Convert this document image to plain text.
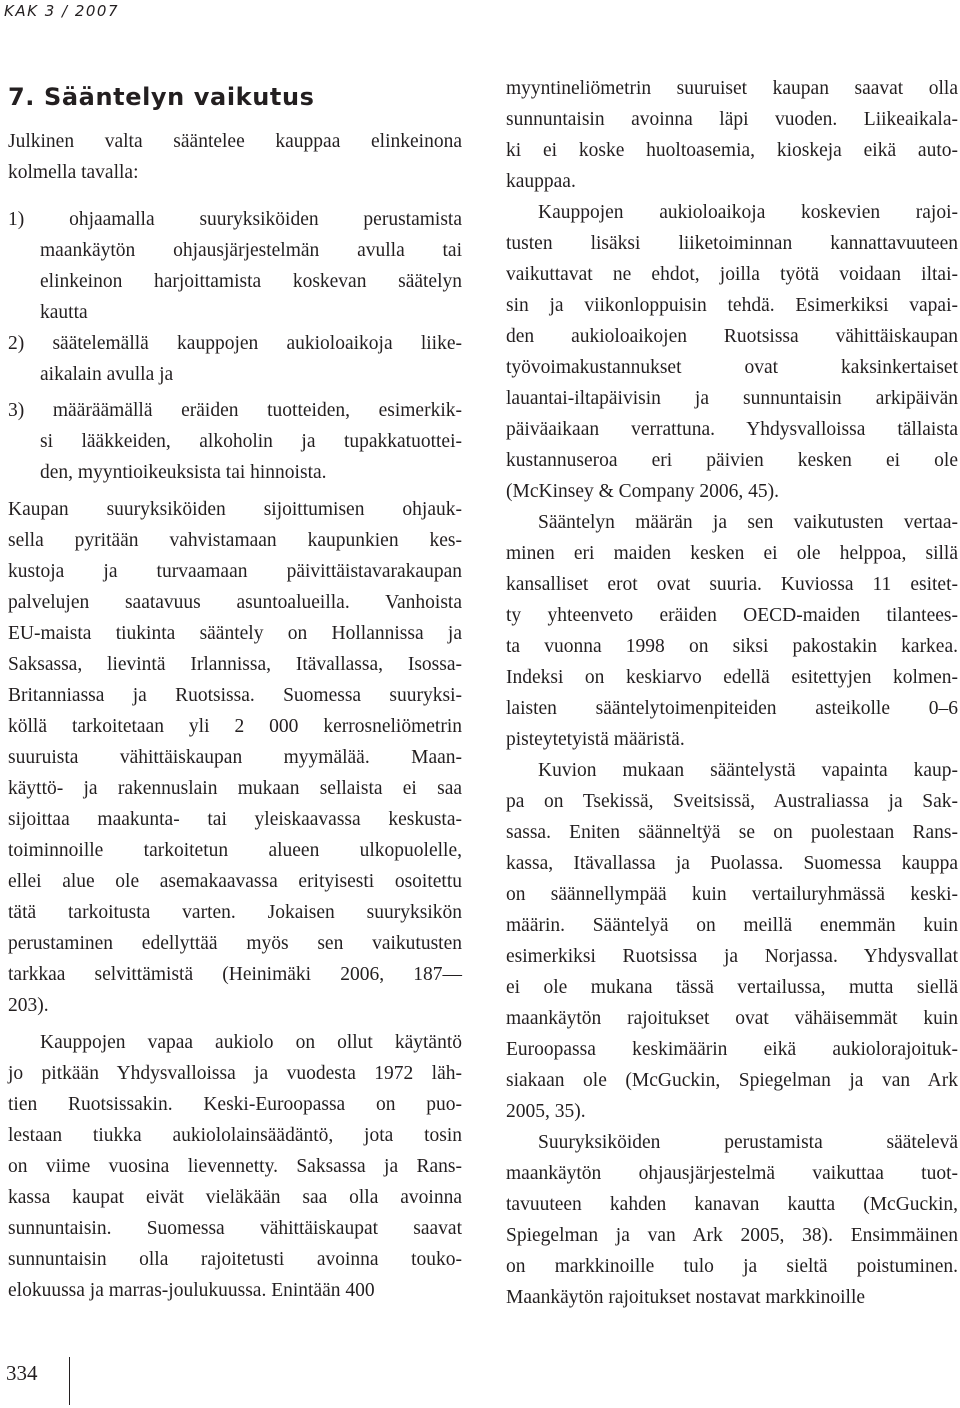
KAK 3 / 2007
7. Sääntelyn vaikutus
Julkinen valta sääntelee kauppaa elinkeinona
kolmella tavalla:
1) ohjaamalla suuryksiköiden perustamista
maankäytön ohjausjärjestelmän avulla tai
elinkeinon harjoittamista koskevan säätelyn
kautta
2) säätelemällä kauppojen aukioloaikoja liike-
aikalain avulla ja
3) määräämällä eräiden tuotteiden, esimerkik-
si lääkkeiden, alkoholin ja tupakkatuottei-
den, myyntioikeuksista tai hinnoista.
Kaupan suuryksiköiden sijoittumisen ohjauk-
sella pyritään vahvistamaan kaupunkien kes-
kustoja ja turvaamaan päivittäistavarakaupan
palvelujen saatavuus asuntoalueilla. Vanhoista
EU-maista tiukinta sääntely on Hollannissa ja
Saksassa, lievintä Irlannissa, Itävallassa, Isossa-
Britanniassa ja Ruotsissa. Suomessa suuryksi-
köllä tarkoitetaan yli 2 000 kerrosneliömetrin
suuruista vähittäiskaupan myymälää. Maan-
käyttö- ja rakennuslain mukaan sellaista ei saa
sijoittaa maakunta- tai yleiskaavassa keskusta-
toiminnoille tarkoitetun alueen ulkopuolelle,
ellei alue ole asemakaavassa erityisesti osoitettu
tätä tarkoitusta varten. Jokaisen suuryksikön
perustaminen edellyttää myös sen vaikutusten
tarkkaa selvittämistä (Heinimäki 2006, 187—
203).
Kauppojen vapaa aukiolo on ollut käytäntö
jo pitkään Yhdysvalloissa ja vuodesta 1972 läh-
tien Ruotsissakin. Keski-Euroopassa on puo-
lestaan tiukka aukiololainsäädäntö, jota tosin
on viime vuosina lievennetty. Saksassa ja Rans-
kassa kaupat eivät vieläkään saa olla avoinna
sunnuntaisin. Suomessa vähittäiskaupat saavat
sunnuntaisin olla rajoitetusti avoinna touko-
elokuussa ja marras-joulukuussa. Enintään 400
myyntineliömetrin suuruiset kaupan saavat olla
sunnuntaisin avoinna läpi vuoden. Liikeaikala-
ki ei koske huoltoasemia, kioskeja eikä auto-
kauppaa.
Kauppojen aukioloaikoja koskevien rajoi-
tusten lisäksi liiketoiminnan kannattavuuteen
vaikuttavat ne ehdot, joilla työtä voidaan iltai-
sin ja viikonloppuisin tehdä. Esimerkiksi vapai-
den aukioloaikojen Ruotsissa vähittäiskaupan
työvoimakustannukset ovat kaksinkertaiset
lauantai-iltapäivisin ja sunnuntaisin arkipäivän
päiväaikaan verrattuna. Yhdysvalloissa tällaista
kustannuseroa eri päivien kesken ei ole
(McKinsey & Company 2006, 45).
Sääntelyn määrän ja sen vaikutusten vertaa-
minen eri maiden kesken ei ole helppoa, sillä
kansalliset erot ovat suuria. Kuviossa 11 esitet-
ty yhteenveto eräiden OECD-maiden tilantees-
ta vuonna 1998 on siksi pakostakin karkea.
Indeksi on keskiarvo edellä esitettyjen kolmen-
laisten sääntelytoimenpiteiden asteikolle 0–6
pisteytetyistä määristä.
Kuvion mukaan sääntelystä vapainta kaup-
pa on Tsekissä, Sveitsissä, Australiassa ja Sak-
sassa. Eniten säänneltÿä se on puolestaan Rans-
kassa, Itävallassa ja Puolassa. Suomessa kauppa
on säännellympää kuin vertailuryhmässä keski-
määrin. Sääntelyä on meillä enemmän kuin
esimerkiksi Ruotsissa ja Norjassa. Yhdysvallat
ei ole mukana tässä vertailussa, mutta siellä
maankäytön rajoitukset ovat vähäisemmät kuin
Euroopassa keskimäärin eikä aukiolorajoituk-
siakaan ole (McGuckin, Spiegelman ja van Ark
2005, 35).
Suuryksiköiden perustamista säätelevä
maankäytön ohjausjärjestelmä vaikuttaa tuot-
tavuuteen kahden kanavan kautta (McGuckin,
Spiegelman ja van Ark 2005, 38). Ensimmäinen
on markkinoille tulo ja sieltä poistuminen.
Maankäytön rajoitukset nostavat markkinoille
334
